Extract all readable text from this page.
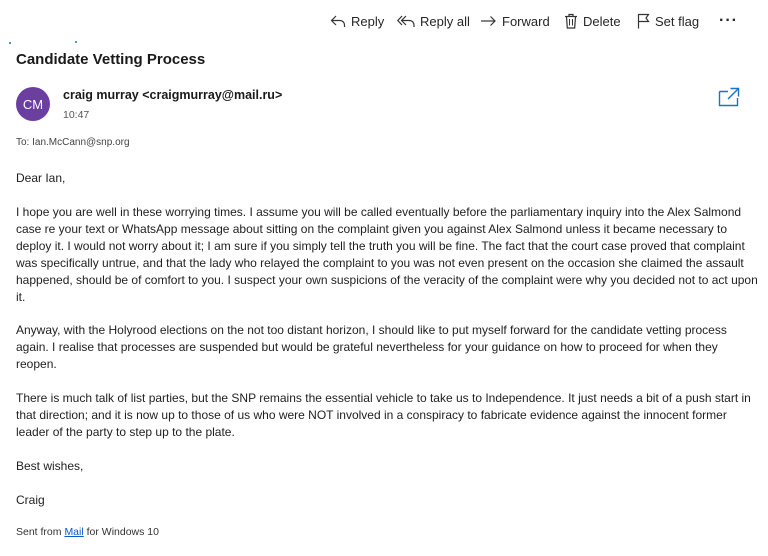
Reply	Reply all Forward	Delete	Set flag ···
Candidate Vetting Process
CM
craig murray <craigmurray@mail.ru>
10:47
To: Ian.McCann@snp.org
Dear Ian,
I hope you are well in these worrying times. I assume you will be called eventually before the parliamentary inquiry into the Alex Salmond case re your text or WhatsApp message about sitting on the complaint given you against Alex Salmond unless it became necessary to deploy it. I would not worry about it; I am sure if you simply tell the truth you will be fine. The fact that the court case proved that complaint was specifically untrue, and that the lady who relayed the complaint to you was not even present on the occasion she claimed the assault happened, should be of comfort to you. I suspect your own suspicions of the veracity of the complaint were why you decided not to act upon it.
Anyway, with the Holyrood elections on the not too distant horizon, I should like to put myself forward for the candidate vetting process again. I realise that processes are suspended but would be grateful nevertheless for your guidance on how to proceed for when they reopen.
There is much talk of list parties, but the SNP remains the essential vehicle to take us to Independence. It just needs a bit of a push start in that direction; and it is now up to those of us who were NOT involved in a conspiracy to fabricate evidence against the innocent former leader of the party to step up to the plate.
Best wishes,
Craig
Sent from Mail for Windows 10
